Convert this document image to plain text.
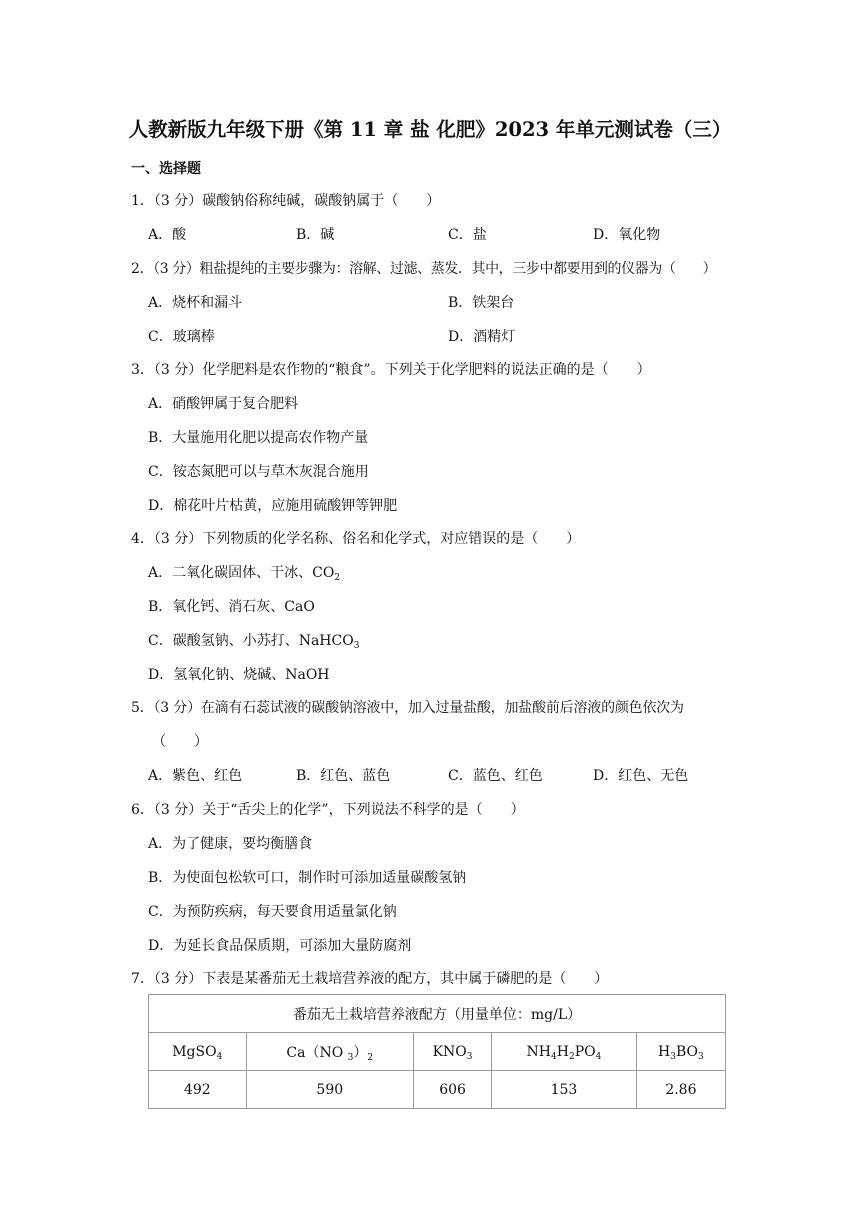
人教新版九年级下册《第 11 章 盐 化肥》2023 年单元测试卷（三）
一、选择题
1．（3 分）碳酸钠俗称纯碱，碳酸钠属于（　　）
A．酸	B．碱	C．盐	D．氧化物
2．（3 分）粗盐提纯的主要步骤为：溶解、过滤、蒸发．其中，三步中都要用到的仪器为（　　）
A．烧杯和漏斗	B．铁架台
C．玻璃棒	D．酒精灯
3．（3 分）化学肥料是农作物的“粮食”。下列关于化学肥料的说法正确的是（　　）
A．硝酸钾属于复合肥料
B．大量施用化肥以提高农作物产量
C．铵态氮肥可以与草木灰混合施用
D．棉花叶片枯黄，应施用硫酸钾等钾肥
4．（3 分）下列物质的化学名称、俗名和化学式，对应错误的是（　　）
A．二氧化碳固体、干冰、$CO_2$
B．氧化钙、消石灰、CaO
C．碳酸氢钠、小苏打、NaHCO$_3$
D．氢氧化钠、烧碱、NaOH
5．（3 分）在滴有石蕊试液的碳酸钠溶液中，加入过量盐酸，加盐酸前后溶液的颜色依次为
（　　）
A．紫色、红色	B．红色、蓝色	C．蓝色、红色	D．红色、无色
6．（3 分）关于“舌尖上的化学”，下列说法不科学的是（　　）
A．为了健康，要均衡膳食
B．为使面包松软可口，制作时可添加适量碳酸氢钠
C．为预防疾病，每天要食用适量氯化钠
D．为延长食品保质期，可添加大量防腐剂
7．（3 分）下表是某番茄无土栽培营养液的配方，其中属于磷肥的是（　　）
番茄无土栽培营养液配方（用量单位：mg/L）				
MgSO$_4$	Ca（NO $_3)_2$	$KNO_3$	$NH_4H_2PO_4$	$H_3BO_3$
492	590	606	153	2.86
